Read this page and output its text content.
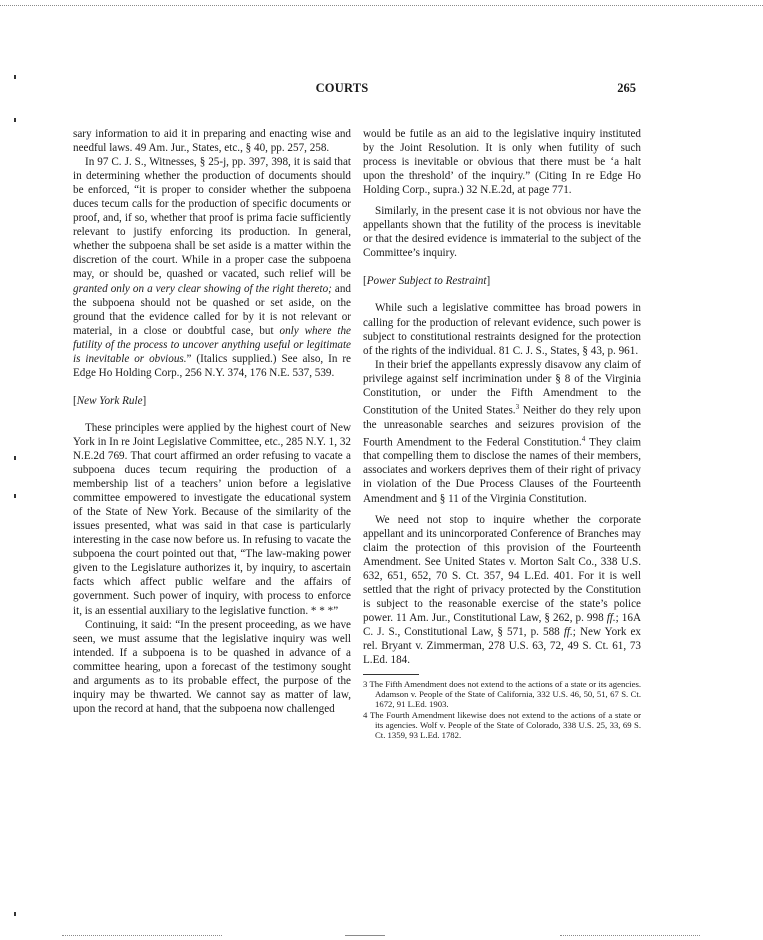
COURTS	265

sary information to aid it in preparing and enacting wise and needful laws. 49 Am. Jur., States, etc., § 40, pp. 257, 258.

In 97 C. J. S., Witnesses, § 25-j, pp. 397, 398, it is said that in determining whether the production of documents should be enforced, “it is proper to consider whether the subpoena duces tecum calls for the production of specific documents or proof, and, if so, whether that proof is prima facie sufficiently relevant to justify enforcing its production. In general, whether the subpoena shall be set aside is a matter within the discretion of the court. While in a proper case the subpoena may, or should be, quashed or vacated, such relief will be granted only on a very clear showing of the right thereto; and the subpoena should not be quashed or set aside, on the ground that the evidence called for by it is not relevant or material, in a close or doubtful case, but only where the futility of the process to uncover anything useful or legitimate is inevitable or obvious.” (Italics supplied.) See also, In re Edge Ho Holding Corp., 256 N.Y. 374, 176 N.E. 537, 539.

[New York Rule]

These principles were applied by the highest court of New York in In re Joint Legislative Committee, etc., 285 N.Y. 1, 32 N.E.2d 769. That court affirmed an order refusing to vacate a subpoena duces tecum requiring the production of a membership list of a teachers’ union before a legislative committee empowered to investigate the educational system of the State of New York. Because of the similarity of the issues presented, what was said in that case is particularly interesting in the case now before us. In refusing to vacate the subpoena the court pointed out that, “The law-making power given to the Legislature authorizes it, by inquiry, to ascertain facts which affect public welfare and the affairs of government. Such power of inquiry, with process to enforce it, is an essential auxiliary to the legislative function. * * *”

Continuing, it said: “In the present proceeding, as we have seen, we must assume that the legislative inquiry was well intended. If a subpoena is to be quashed in advance of a committee hearing, upon a forecast of the testimony sought and arguments as to its probable effect, the purpose of the inquiry may be thwarted. We cannot say as matter of law, upon the record at hand, that the subpoena now challenged

would be futile as an aid to the legislative inquiry instituted by the Joint Resolution. It is only when futility of such process is inevitable or obvious that there must be ‘a halt upon the threshold’ of the inquiry.” (Citing In re Edge Ho Holding Corp., supra.) 32 N.E.2d, at page 771.

Similarly, in the present case it is not obvious nor have the appellants shown that the futility of the process is inevitable or that the desired evidence is immaterial to the subject of the Committee’s inquiry.

[Power Subject to Restraint]

While such a legislative committee has broad powers in calling for the production of relevant evidence, such power is subject to constitutional restraints designed for the protection of the rights of the individual. 81 C. J. S., States, § 43, p. 961.

In their brief the appellants expressly disavow any claim of privilege against self incrimination under § 8 of the Virginia Constitution, or under the Fifth Amendment to the Constitution of the United States.$^3$ Neither do they rely upon the unreasonable searches and seizures provision of the Fourth Amendment to the Federal Constitution.$^4$ They claim that compelling them to disclose the names of their members, associates and workers deprives them of their right of privacy in violation of the Due Process Clauses of the Fourteenth Amendment and § 11 of the Virginia Constitution.

We need not stop to inquire whether the corporate appellant and its unincorporated Conference of Branches may claim the protection of this provision of the Fourteenth Amendment. See United States v. Morton Salt Co., 338 U.S. 632, 651, 652, 70 S. Ct. 357, 94 L.Ed. 401. For it is well settled that the right of privacy protected by the Constitution is subject to the reasonable exercise of the state’s police power. 11 Am. Jur., Constitutional Law, § 262, p. 998 ff.; 16A C. J. S., Constitutional Law, § 571, p. 588 ff.; New York ex rel. Bryant v. Zimmerman, 278 U.S. 63, 72, 49 S. Ct. 61, 73 L.Ed. 184.

3 The Fifth Amendment does not extend to the actions of a state or its agencies. Adamson v. People of the State of California, 332 U.S. 46, 50, 51, 67 S. Ct. 1672, 91 L.Ed. 1903.

4 The Fourth Amendment likewise does not extend to the actions of a state or its agencies. Wolf v. People of the State of Colorado, 338 U.S. 25, 33, 69 S. Ct. 1359, 93 L.Ed. 1782.
